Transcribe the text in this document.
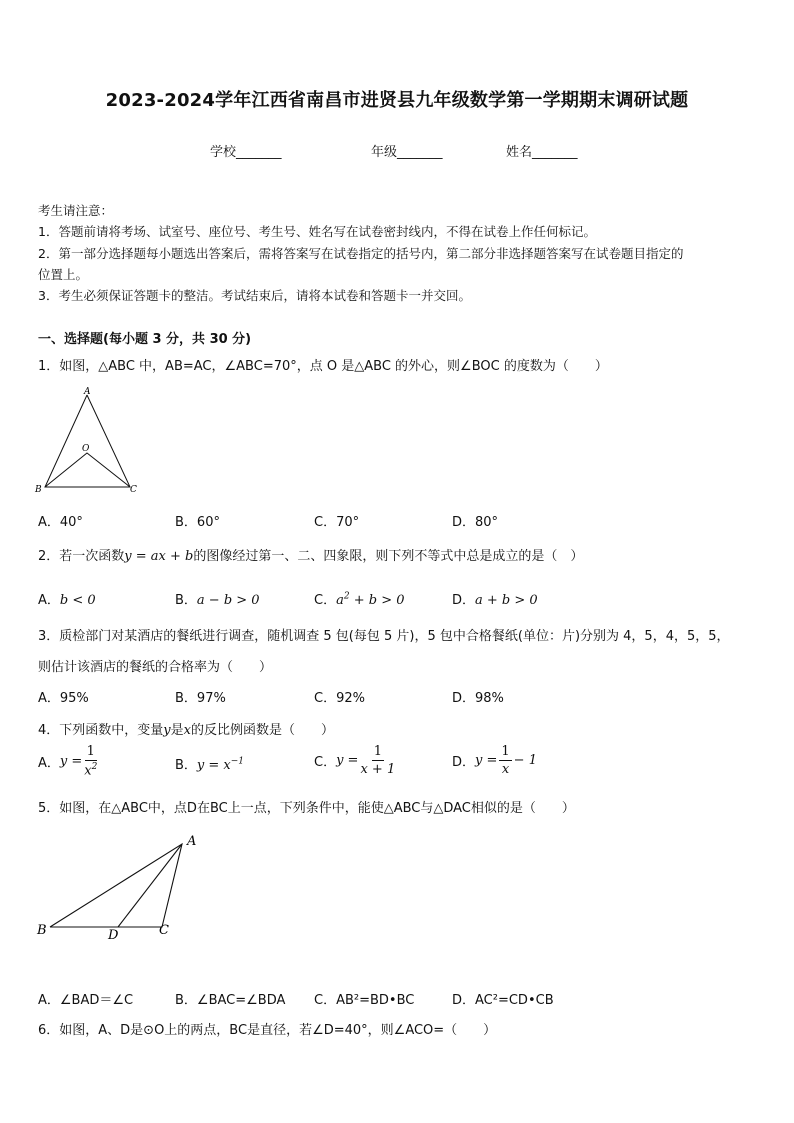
2023-2024学年江西省南昌市进贤县九年级数学第一学期期末调研试题
学校_______	年级_______	姓名_______
考生请注意：
1．答题前请将考场、试室号、座位号、考生号、姓名写在试卷密封线内，不得在试卷上作任何标记。
2．第一部分选择题每小题选出答案后，需将答案写在试卷指定的括号内，第二部分非选择题答案写在试卷题目指定的
位置上。
3．考生必须保证答题卡的整洁。考试结束后，请将本试卷和答题卡一并交回。
一、选择题(每小题 3 分，共 30 分)
1．如图，△ABC 中，AB=AC，∠ABC=70°，点 O 是△ABC 的外心，则∠BOC 的度数为（　　）
A
O
B	C
A．40°	B．60°	C．70°	D．80°
2．若一次函数y = ax + b的图像经过第一、二、四象限，则下列不等式中总是成立的是（　）
A．b < 0	B．a − b > 0	C．$a^2 + b > 0$	D．a + b > 0
3．质检部门对某酒店的餐纸进行调查，随机调查 5 包(每包 5 片)，5 包中合格餐纸(单位：片)分别为 4，5，4，5，5，
则估计该酒店的餐纸的合格率为（　　）
A．95%	B．97%	C．92%	D．98%
4．下列函数中，变量y是x的反比例函数是（　　）
A． $y = \frac{1}{x^2}$	B．$y = x^{-1}$	C． $y = \frac{1}{x + 1}$	D． $y = \frac{1}{x} - 1$
5．如图，在△ABC中，点D在BC上一点，下列条件中，能使△ABC与△DAC相似的是（　　）
A
B	D	C
A．∠BAD＝∠C	B．∠BAC=∠BDA C．AB²=BD•BC	D．AC²=CD•CB
6．如图，A、D是⊙O上的两点，BC是直径，若∠D=40°，则∠ACO=（　　）
